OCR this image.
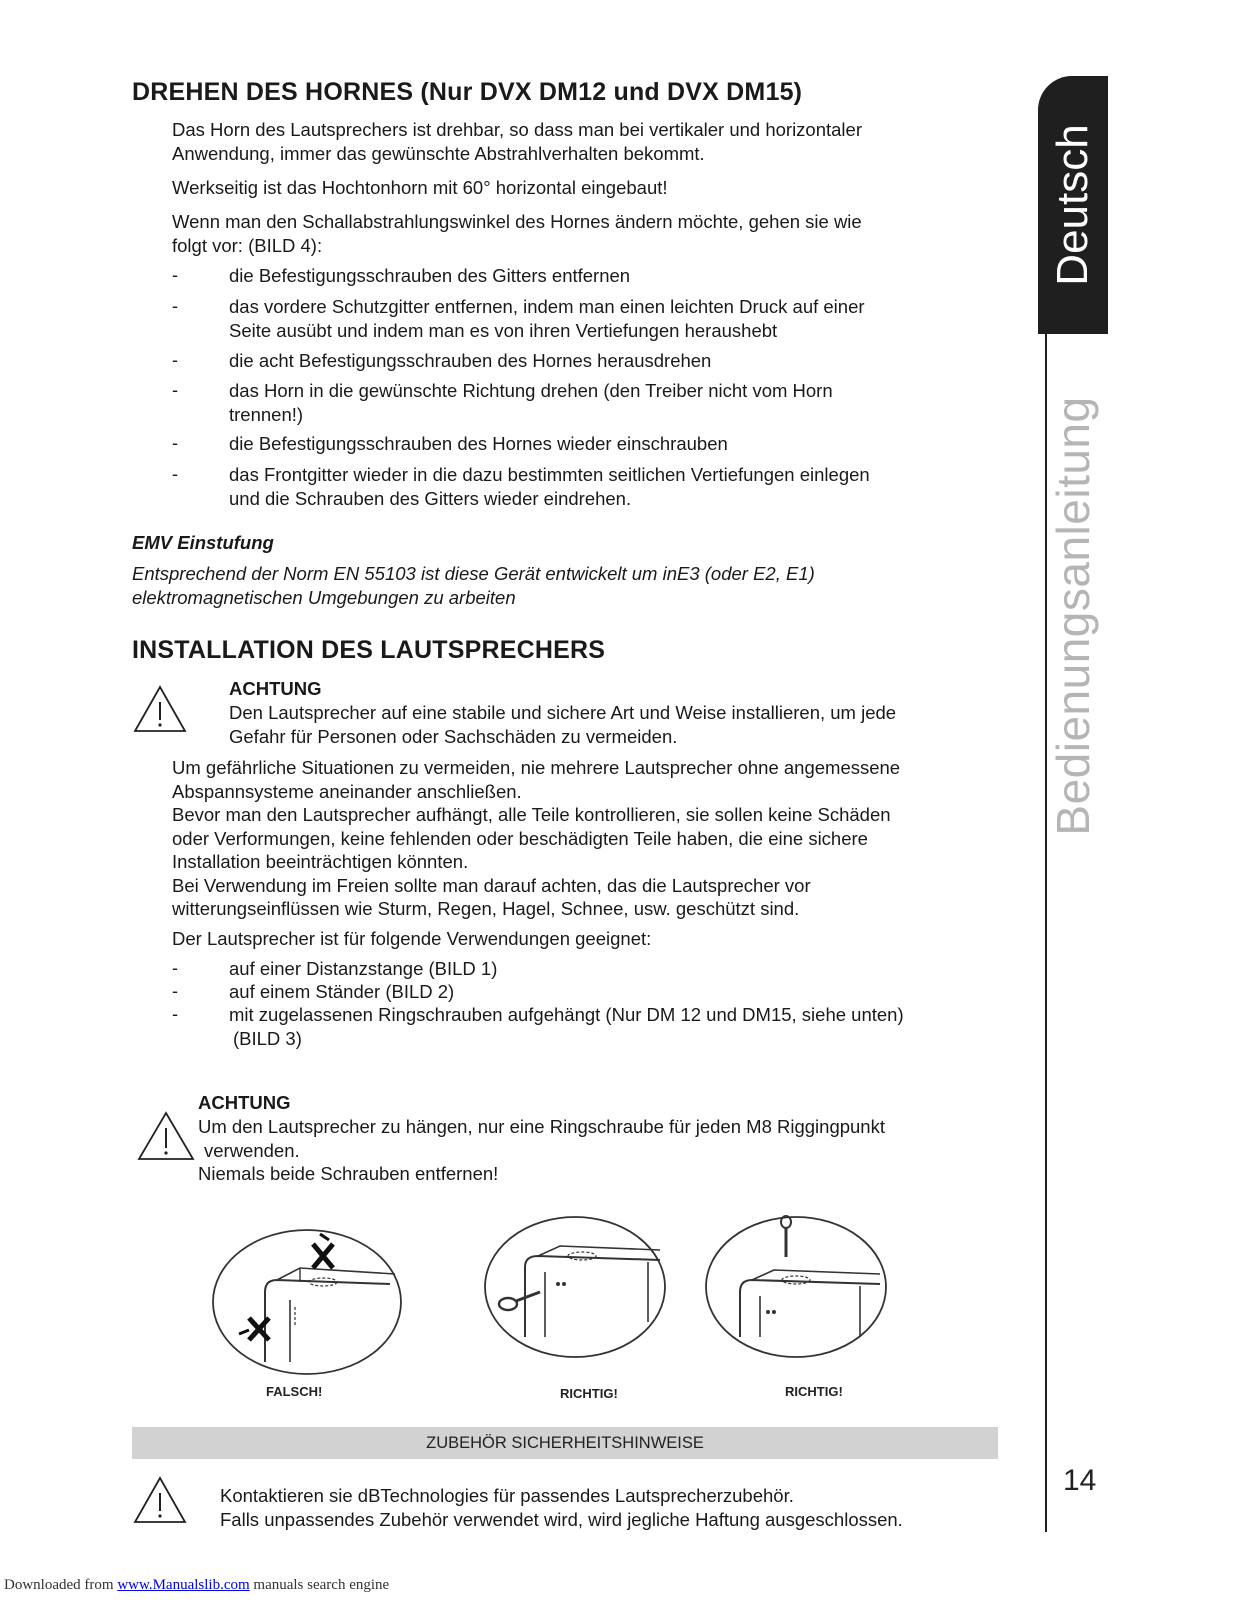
DREHEN DES HORNES (Nur DVX DM12 und DVX DM15)
Das Horn des Lautsprechers ist drehbar, so dass man bei vertikaler und horizontaler
Anwendung, immer das gewünschte Abstrahlverhalten bekommt.
Werkseitig ist das Hochtonhorn mit 60° horizontal eingebaut!
Wenn man den Schallabstrahlungswinkel des Hornes ändern möchte, gehen sie wie
folgt vor: (BILD 4):
-	die Befestigungsschrauben des Gitters entfernen
-	das vordere Schutzgitter entfernen, indem man einen leichten Druck auf einer
Seite ausübt und indem man es von ihren Vertiefungen heraushebt
-	die acht Befestigungsschrauben des Hornes herausdrehen
-	das Horn in die gewünschte Richtung drehen (den Treiber nicht vom Horn
trennen!)
-	die Befestigungsschrauben des Hornes wieder einschrauben
-	das Frontgitter wieder in die dazu bestimmten seitlichen Vertiefungen einlegen
und die Schrauben des Gitters wieder eindrehen.
EMV Einstufung
Entsprechend der Norm EN 55103 ist diese Gerät entwickelt um inE3 (oder E2, E1)
elektromagnetischen Umgebungen zu arbeiten
INSTALLATION DES LAUTSPRECHERS
ACHTUNG
Den Lautsprecher auf eine stabile und sichere Art und Weise installieren, um jede
Gefahr für Personen oder Sachschäden zu vermeiden.
Um gefährliche Situationen zu vermeiden, nie mehrere Lautsprecher ohne angemessene
Abspannsysteme aneinander anschließen.
Bevor man den Lautsprecher aufhängt, alle Teile kontrollieren, sie sollen keine Schäden
oder Verformungen, keine fehlenden oder beschädigten Teile haben, die eine sichere
Installation beeinträchtigen könnten.
Bei Verwendung im Freien sollte man darauf achten, das die Lautsprecher vor
witterungseinflüssen wie Sturm, Regen, Hagel, Schnee, usw. geschützt sind.
Der Lautsprecher ist für folgende Verwendungen geeignet:
-	auf einer Distanzstange (BILD 1)
-	auf einem Ständer (BILD 2)
-	mit zugelassenen Ringschrauben aufgehängt (Nur DM 12 und DM15, siehe unten)
(BILD 3)
ACHTUNG
Um den Lautsprecher zu hängen, nur eine Ringschraube für jeden M8 Riggingpunkt
verwenden.
Niemals beide Schrauben entfernen!
FALSCH!	RICHTIG!	RICHTIG!
ZUBEHÖR SICHERHEITSHINWEISE
Kontaktieren sie dBTechnologies für passendes Lautsprecherzubehör.
Falls unpassendes Zubehör verwendet wird, wird jegliche Haftung ausgeschlossen.
Deutsch
Bedienungsanleitung
14
Downloaded from www.Manualslib.com manuals search engine
